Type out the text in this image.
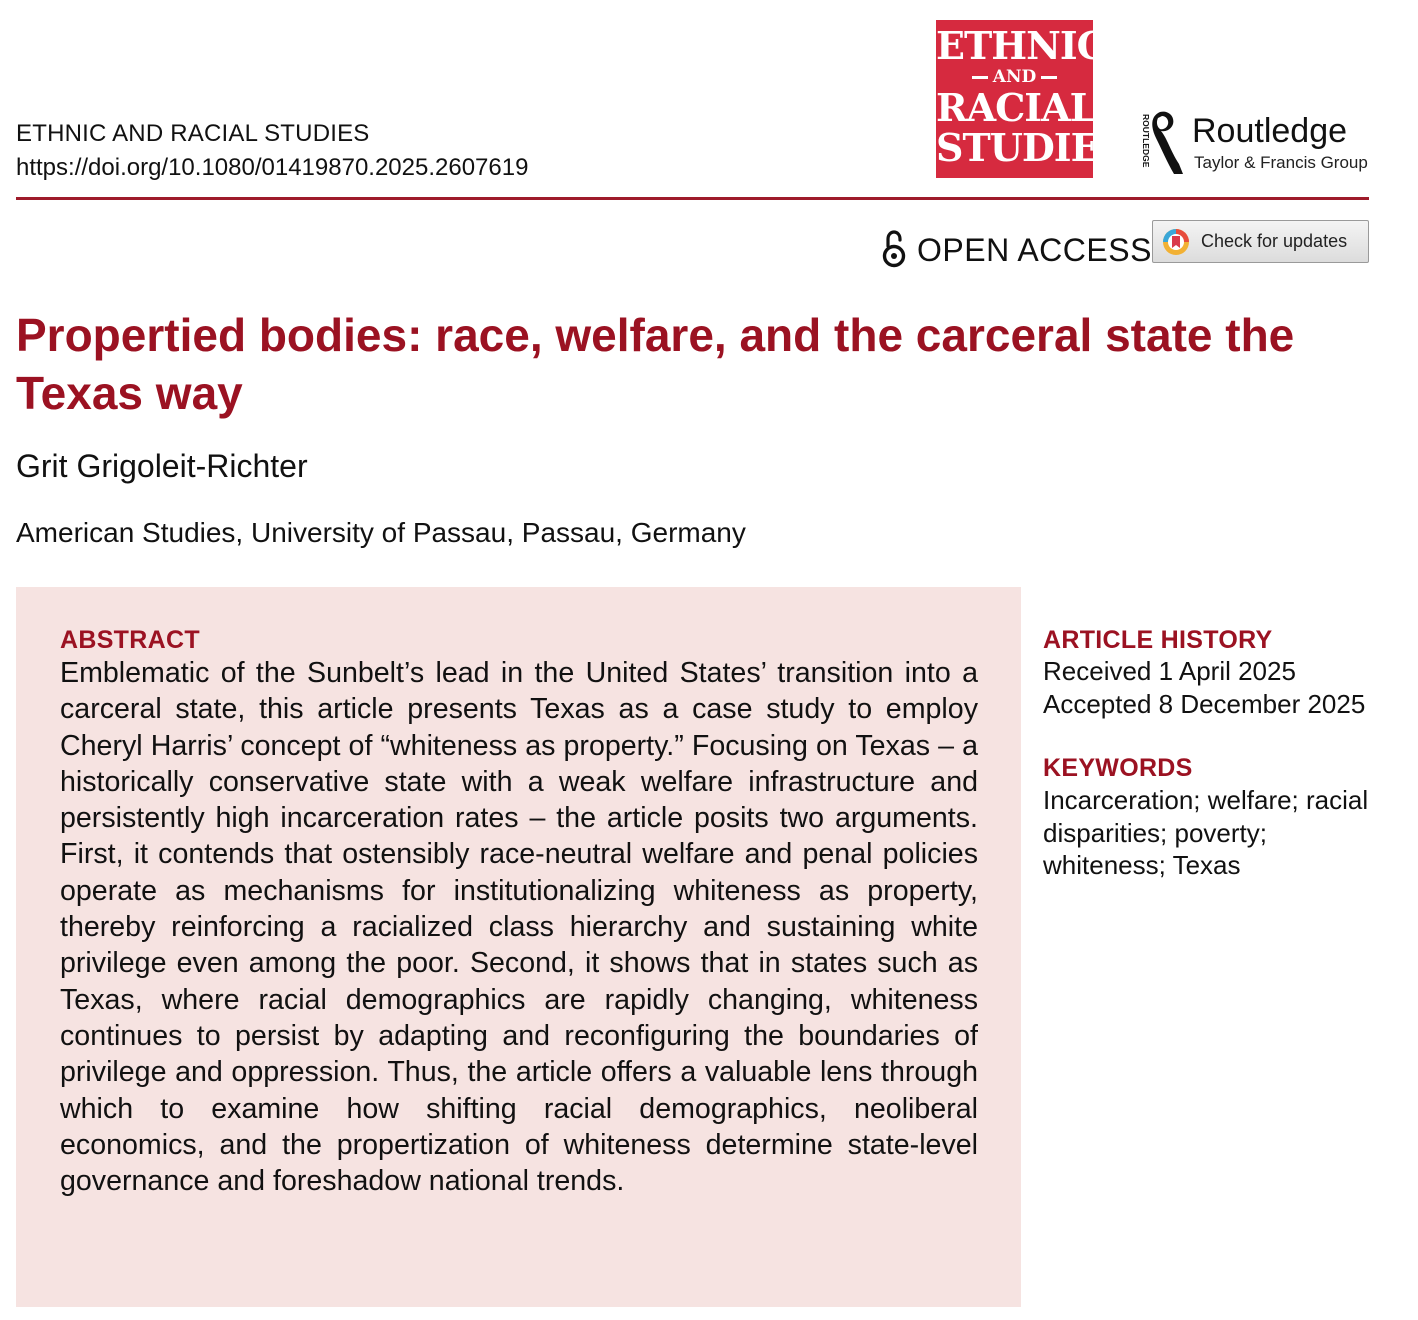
ETHNIC AND RACIAL STUDIES
https://doi.org/10.1080/01419870.2025.2607619
ETHNIC
AND
RACIAL
STUDIES ROUTLEDGE Routledge
Taylor & Francis Group
OPEN ACCESS	Check for updates
Propertied bodies: race, welfare, and the carceral state the Texas way
Grit Grigoleit-Richter
American Studies, University of Passau, Passau, Germany
ABSTRACT

Emblematic of the Sunbelt’s lead in the United States’ transition into a carceral state, this article presents Texas as a case study to employ Cheryl Harris’ concept of “whiteness as property.” Focusing on Texas – a historically conservative state with a weak welfare infrastructure and persistently high incarceration rates – the article posits two arguments. First, it contends that ostensibly race-neutral welfare and penal policies operate as mechanisms for institutionalizing whiteness as property, thereby reinforcing a racialized class hierarchy and sustaining white privilege even among the poor. Second, it shows that in states such as Texas, where racial demographics are rapidly changing, whiteness continues to persist by adapting and reconfiguring the boundaries of privilege and oppression. Thus, the article offers a valuable lens through which to examine how shifting racial demographics, neoliberal economics, and the propertization of whiteness determine state-level governance and foreshadow national trends.

ARTICLE HISTORY
Received 1 April 2025
Accepted 8 December 2025
KEYWORDS

Incarceration; welfare; racial disparities; poverty; whiteness; Texas
